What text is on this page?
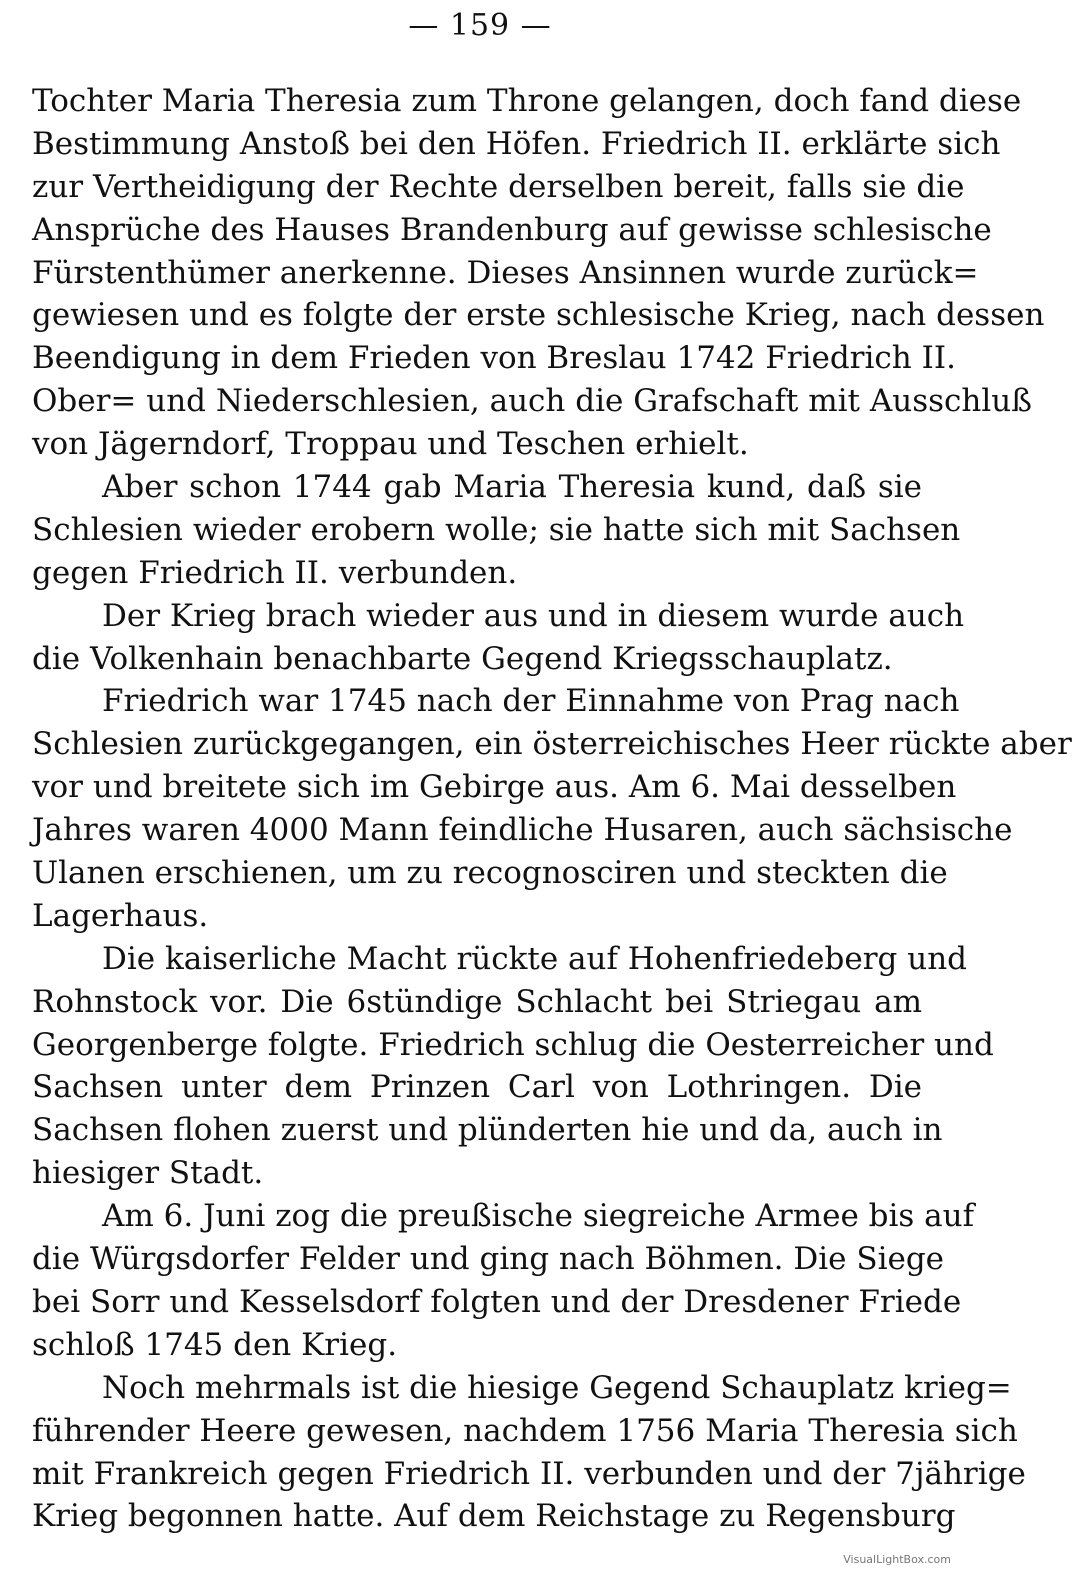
— 159 —
Tochter Maria Theresia zum Throne gelangen, doch fand diese
Bestimmung Anstoß bei den Höfen. Friedrich II. erklärte sich
zur Vertheidigung der Rechte derselben bereit, falls sie die
Ansprüche des Hauses Brandenburg auf gewisse schlesische
Fürstenthümer anerkenne. Dieses Ansinnen wurde zurück=
gewiesen und es folgte der erste schlesische Krieg, nach dessen
Beendigung in dem Frieden von Breslau 1742 Friedrich II.
Ober= und Niederschlesien, auch die Grafschaft mit Ausschluß
von Jägerndorf, Troppau und Teschen erhielt.
Aber schon 1744 gab Maria Theresia kund, daß sie
Schlesien wieder erobern wolle; sie hatte sich mit Sachsen
gegen Friedrich II. verbunden.
Der Krieg brach wieder aus und in diesem wurde auch
die Volkenhain benachbarte Gegend Kriegsschauplatz.
Friedrich war 1745 nach der Einnahme von Prag nach
Schlesien zurückgegangen, ein österreichisches Heer rückte aber
vor und breitete sich im Gebirge aus. Am 6. Mai desselben
Jahres waren 4000 Mann feindliche Husaren, auch sächsische
Ulanen erschienen, um zu recognosciren und steckten die
Lagerhaus.
Die kaiserliche Macht rückte auf Hohenfriedeberg und
Rohnstock vor. Die 6stündige Schlacht bei Striegau am
Georgenberge folgte. Friedrich schlug die Oesterreicher und
Sachsen unter dem Prinzen Carl von Lothringen. Die
Sachsen flohen zuerst und plünderten hie und da, auch in
hiesiger Stadt.
Am 6. Juni zog die preußische siegreiche Armee bis auf
die Würgsdorfer Felder und ging nach Böhmen. Die Siege
bei Sorr und Kesselsdorf folgten und der Dresdener Friede
schloß 1745 den Krieg.
Noch mehrmals ist die hiesige Gegend Schauplatz krieg=
führender Heere gewesen, nachdem 1756 Maria Theresia sich
mit Frankreich gegen Friedrich II. verbunden und der 7jährige
Krieg begonnen hatte. Auf dem Reichstage zu Regensburg
VisualLightBox.com
